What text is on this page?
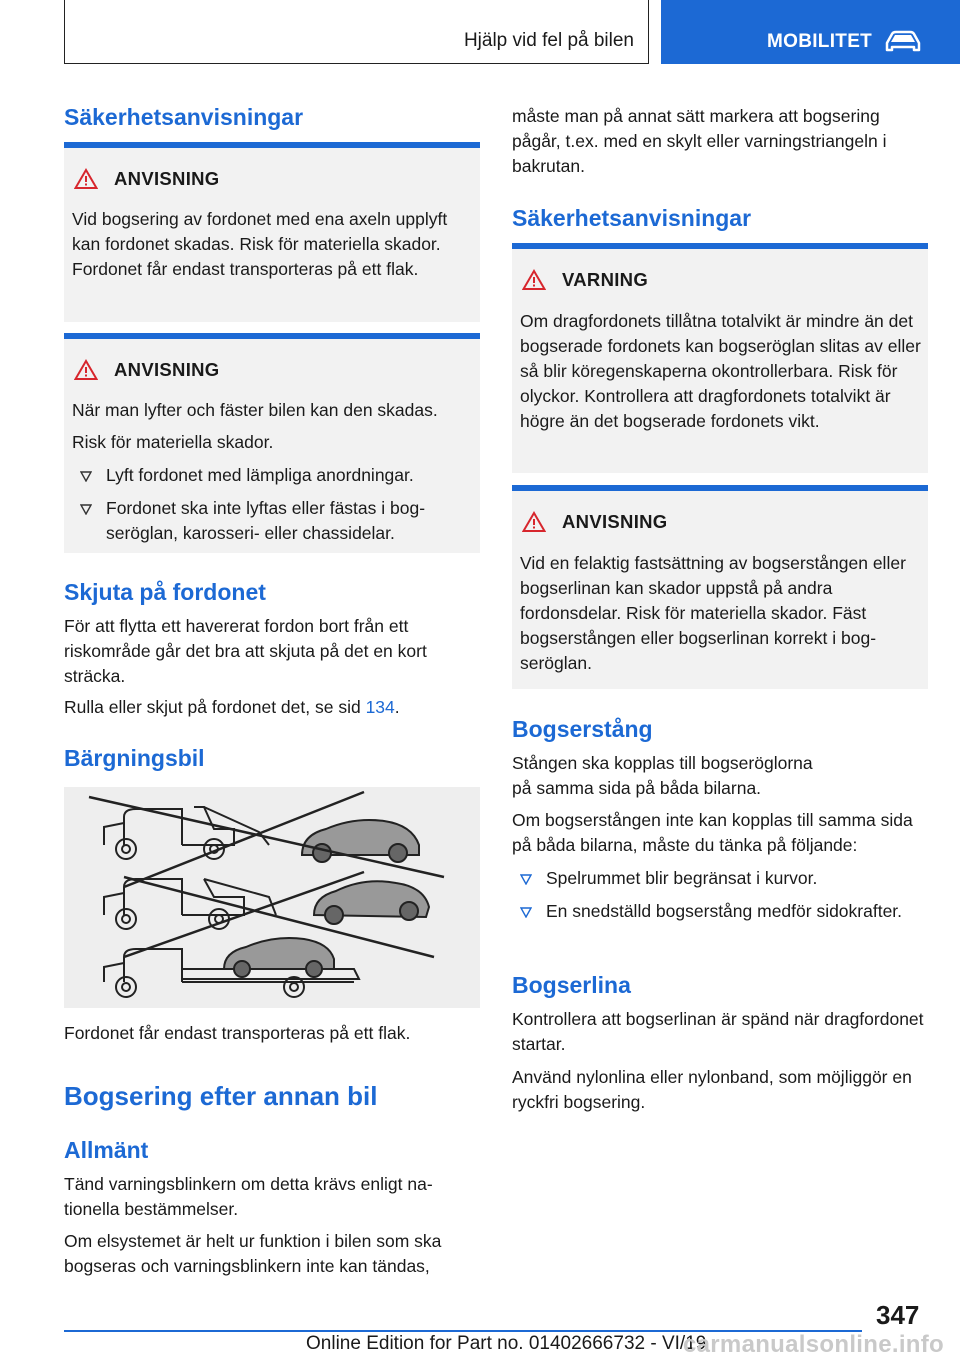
Hjälp vid fel på bilen	MOBILITET
Säkerhetsanvisningar
ANVISNING

Vid bogsering av fordonet med ena axeln upplyft kan fordonet skadas. Risk för materiella skador. Fordonet får endast transporteras på ett flak.

ANVISNING

När man lyfter och fäster bilen kan den skadas.

Risk för materiella skador.

Lyft fordonet med lämpliga anordningar.
Fordonet ska inte lyftas eller fästas i bogseröglan, karosseri- eller chassidelar.
Skjuta på fordonet

För att flytta ett havererat fordon bort från ett riskområde går det bra att skjuta på det en kort sträcka.

Rulla eller skjut på fordonet det, se sid 134.

Bärgningsbil

Fordonet får endast transporteras på ett flak.

Bogsering efter annan bil
Allmänt

Tänd varningsblinkern om detta krävs enligt nationella bestämmelser.

Om elsystemet är helt ur funktion i bilen som ska bogseras och varningsblinkern inte kan tändas,

måste man på annat sätt markera att bogsering pågår, t.ex. med en skylt eller varningstriangeln i bakrutan.

Säkerhetsanvisningar
VARNING

Om dragfordonets tillåtna totalvikt är mindre än det bogserade fordonets kan bogseröglan slitas av eller så blir köregenskaperna okontrollerbara. Risk för olyckor. Kontrollera att dragfordonets totalvikt är högre än det bogserade fordonets vikt.

ANVISNING

Vid en felaktig fastsättning av bogserstången eller bogserlinan kan skador uppstå på andra fordonsdelar. Risk för materiella skador. Fäst bogserstången eller bogserlinan korrekt i bogseröglan.

Bogserstång

Stången ska kopplas till bogseröglorna
på samma sida på båda bilarna.

Om bogserstången inte kan kopplas till samma sida på båda bilarna, måste du tänka på följande:

Spelrummet blir begränsat i kurvor.
En snedställd bogserstång medför sidokrafter.
Bogserlina

Kontrollera att bogserlinan är spänd när dragfordonet startar.

Använd nylonlina eller nylonband, som möjliggör en ryckfri bogsering.

347
Online Edition for Part no. 01402666732 - VI/19
carmanualsonline.info
